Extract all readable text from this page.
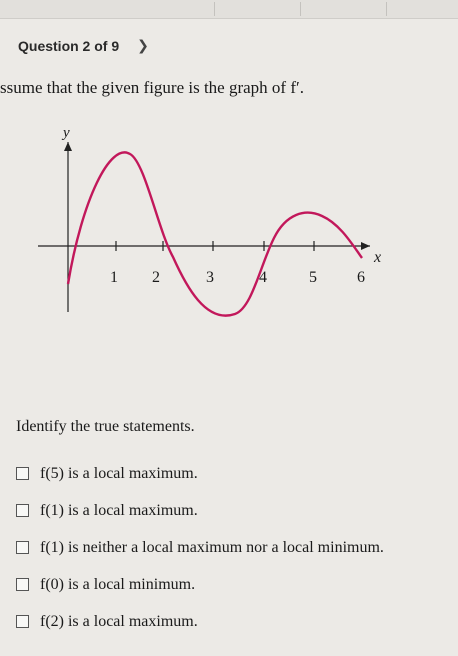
Question 2 of 9 ❯
ssume that the given figure is the graph of f′.
y
x
1 2	3	4	5	6
Identify the true statements.
f(5) is a local maximum.
f(1) is a local maximum.
f(1) is neither a local maximum nor a local minimum.
f(0) is a local minimum.
f(2) is a local maximum.
